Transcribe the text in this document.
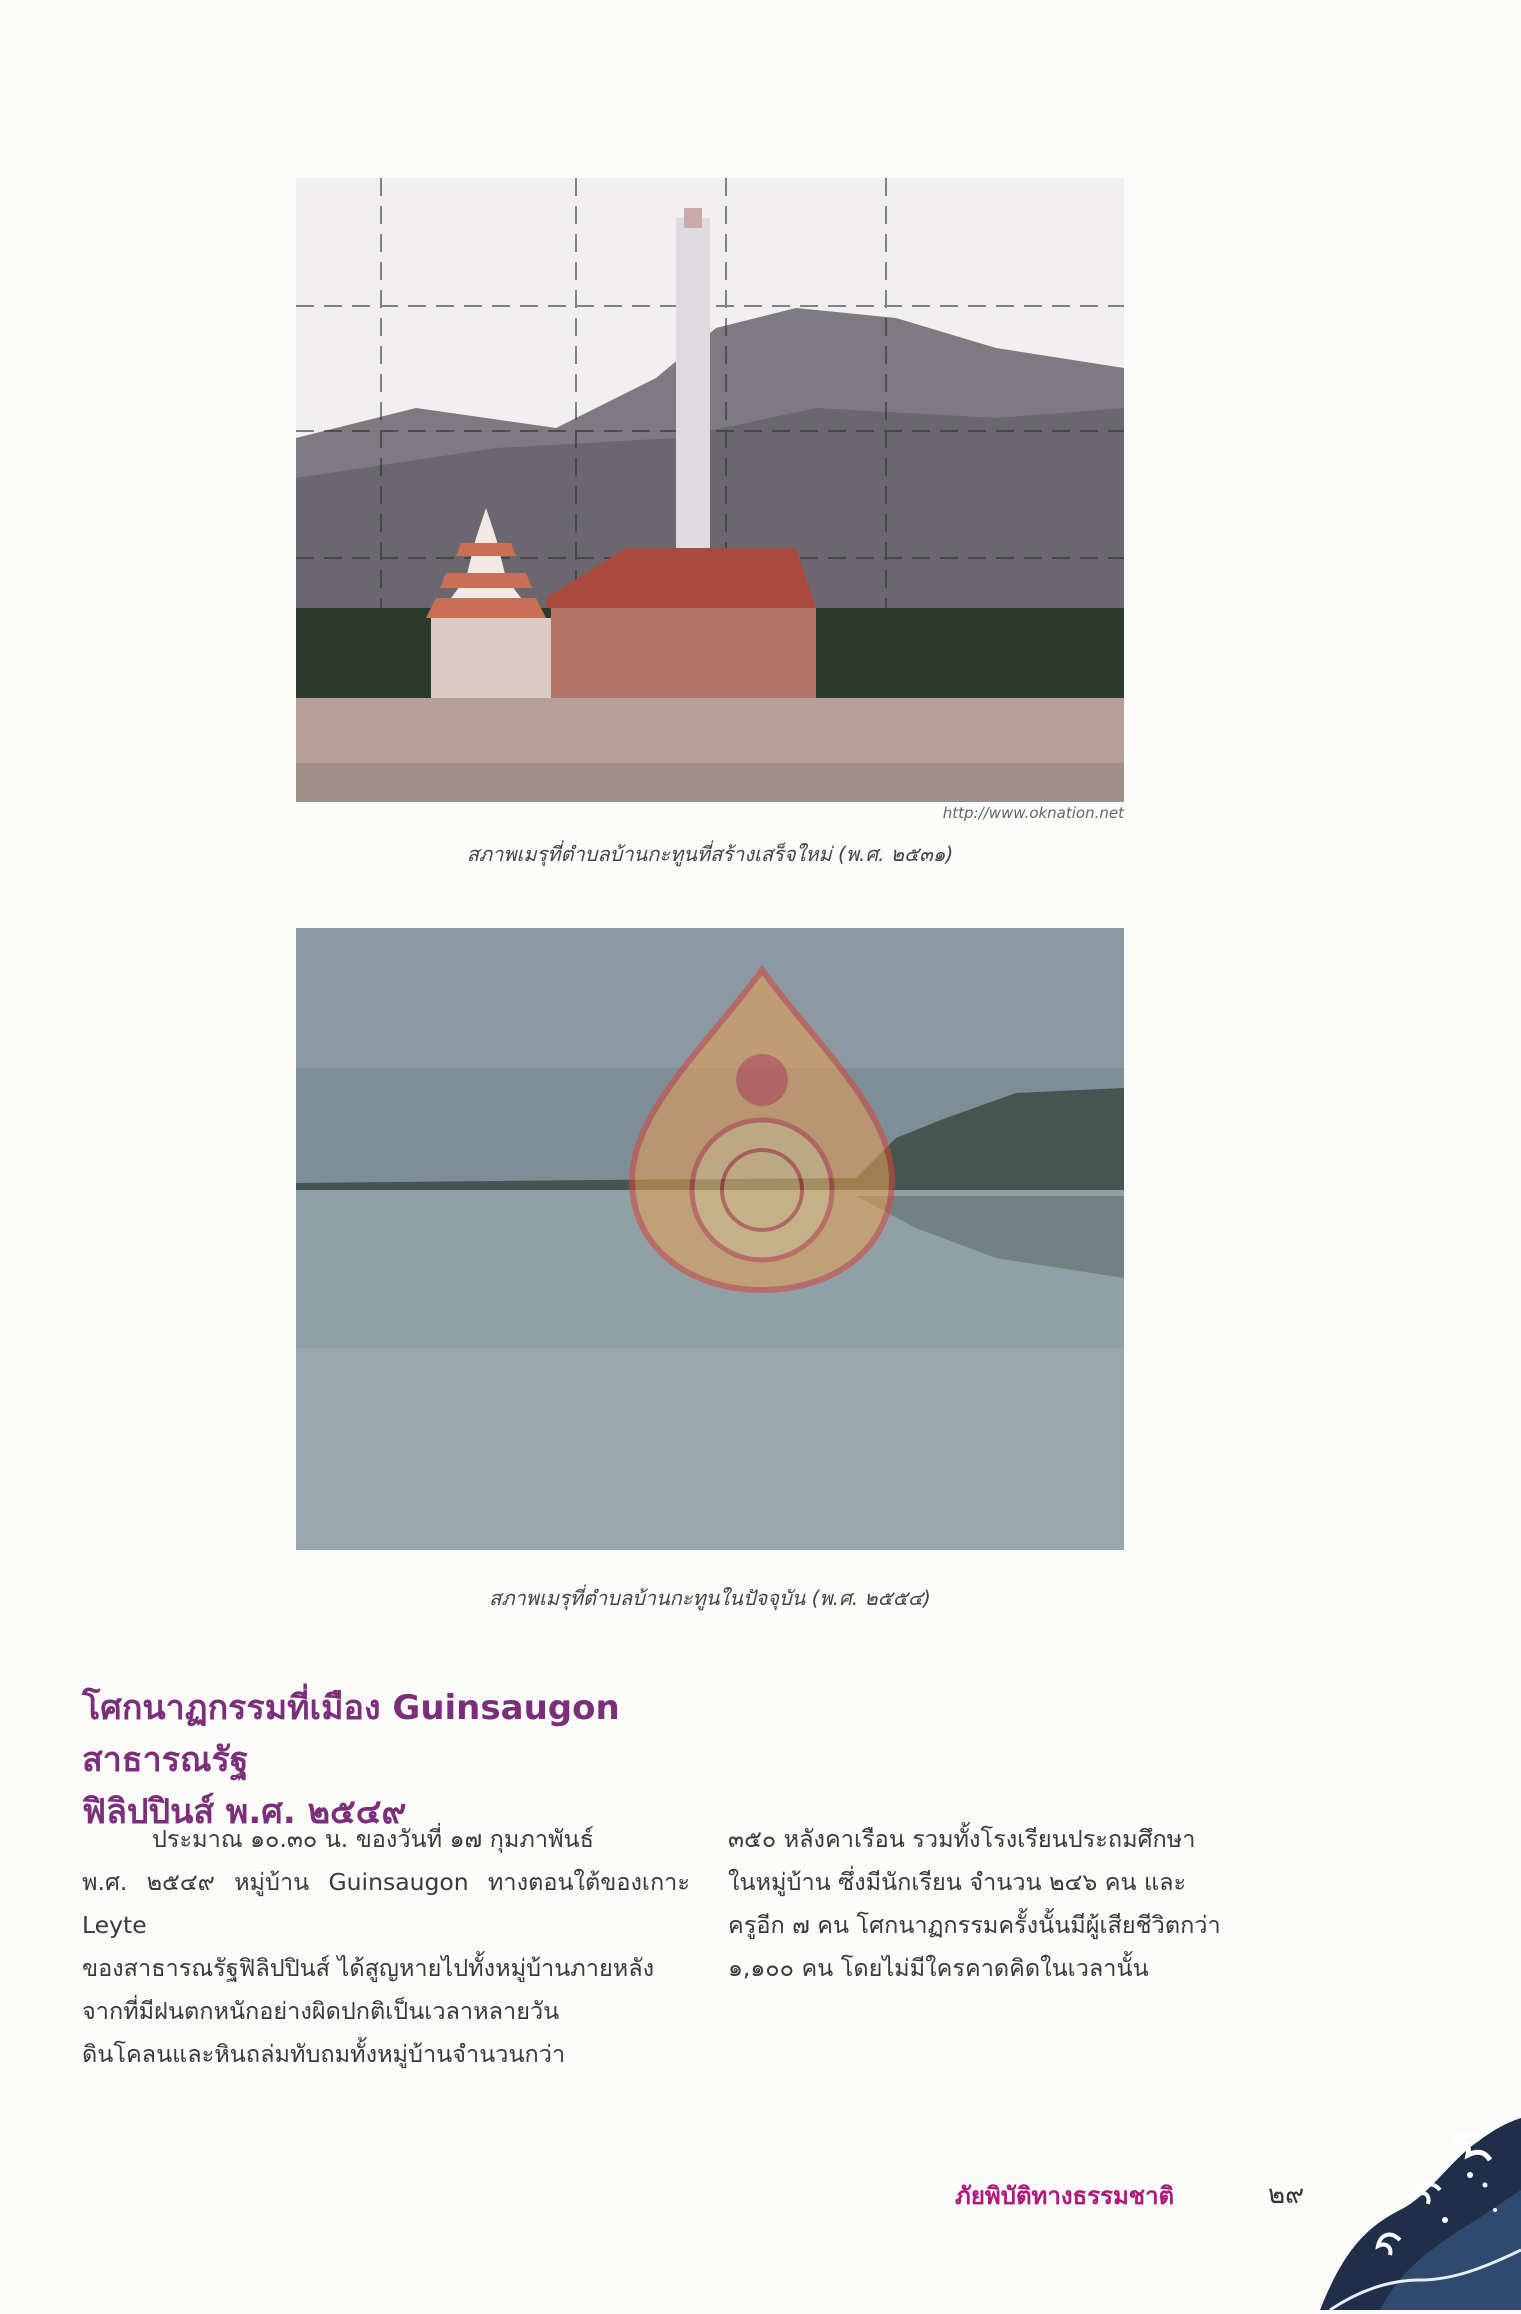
http://www.oknation.net
สภาพเมรุที่ตำบลบ้านกะทูนที่สร้างเสร็จใหม่ (พ.ศ. ๒๕๓๑)
สภาพเมรุที่ตำบลบ้านกะทูนในปัจจุบัน (พ.ศ. ๒๕๕๔)
โศกนาฏกรรมที่เมือง Guinsaugon สาธารณรัฐ
ฟิลิปปินส์ พ.ศ. ๒๕๔๙

ประมาณ ๑๐.๓๐ น. ของวันที่ ๑๗ กุมภาพันธ์

พ.ศ. ๒๕๔๙ หมู่บ้าน Guinsaugon ทางตอนใต้ของเกาะ Leyte

ของสาธารณรัฐฟิลิปปินส์ ได้สูญหายไปทั้งหมู่บ้านภายหลัง

จากที่มีฝนตกหนักอย่างผิดปกติเป็นเวลาหลายวัน

ดินโคลนและหินถล่มทับถมทั้งหมู่บ้านจำนวนกว่า

๓๕๐ หลังคาเรือน รวมทั้งโรงเรียนประถมศึกษา

ในหมู่บ้าน ซึ่งมีนักเรียน จำนวน ๒๔๖ คน และ

ครูอีก ๗ คน โศกนาฏกรรมครั้งนั้นมีผู้เสียชีวิตกว่า

๑,๑๐๐ คน โดยไม่มีใครคาดคิดในเวลานั้น

ภัยพิบัติทางธรรมชาติ	๒๙
